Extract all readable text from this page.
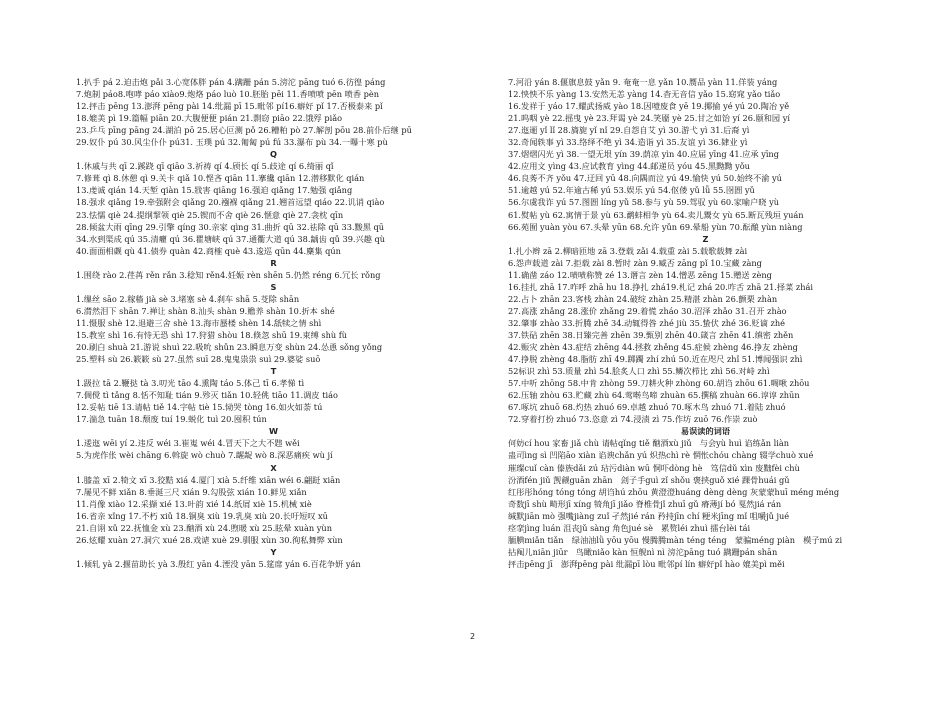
1.扒手 pá 2.迫击炮 pǎi 3.心宽体胖 pán 4.蹒跚 pán 5.滂沱 pāng tuó 6.彷徨 páng
7.炮制 páo8.咆哮 páo xiào9.炮烙 páo luò 10.胚胎 pēi 11.香喷喷 pēn 喷香 pèn
12.抨击 pēng 13.澎湃 pēng pài 14.纰漏 pī 15.毗邻 pí16.癖好 pǐ 17.否极泰来 pǐ
18.媲美 pì 19.篇幅 piān 20.大腹便便 pián 21.剽窃 piāo 22.饿殍 piǎo
23.乒乓 pīng pāng 24.湖泊 pō 25.居心叵测 pǒ 26.糟粕 pò 27.解剖 pōu 28.前仆后继 pū
29.奴仆 pú 30.风尘仆仆 pú31. 玉璞 pú 32.匍匐 pú fú 33.瀑布 pù 34.一曝十寒 pù
Q
1.休戚与共 qī 2.蹊跷 qī qiāo 3.祈祷 qí 4.颀长 qí 5.歧途 qí 6.绮丽 qǐ
7.修葺 qì 8.休憩 qì 9.关卡 qiǎ 10.悭吝 qiān 11.搴纔 qiān 12.潜移默化 qián
13.虔诚 qián 14.天堑 qiàn 15.戕害 qiāng 16.强迫 qiǎng 17.勉强 qiǎng
18.强求 qiǎng 19.牵强附会 qiǎng 20.襁褓 qiǎng 21.翘首远望 qiáo 22.讥诮 qiào
23.怯懦 qiè 24.提纲挈领 qiè 25.锲而不舍 qiè 26.惬意 qiè 27.衾枕 qīn
28.倾盆大雨 qīng 29.引擎 qíng 30.亲家 qìng 31.曲折 qū 32.祛除 qū 33.黢黑 qū
34.水到渠成 qú 35.清癯 qú 36.瞿塘峡 qú 37.通衢大道 qú 38.龋齿 qǔ 39.兴趣 qù
40.面面相觑 qù 41.债券 quàn 42.商榷 què 43.逡巡 qūn 44.麇集 qún
R
1.围绕 rào 2.荏苒 rěn rǎn 3.稔知 rěn4.妊娠 rèn shēn 5.仍然 réng 6.冗长 rǒng
S
1.缫丝 sāo 2.稼穑 jià sè 3.堵塞 sè 4.刹车 shā 5.芟除 shān
6.潸然泪下 shān 7.禅让 shàn 8.汕头 shàn 9.赡养 shàn 10.折本 shé
11.慑服 shè 12.退避三舍 shè 13.海市蜃楼 shèn 14.舐犊之情 shì
15.教室 shì 16.有恃无恐 shì 17.狩猎 shòu 18.倏忽 shū 19.束缚 shù fù
20.刷白 shuà 21.游说 shuì 22.吸吮 shǔn 23.瞬息万变 shùn 24.怂恿 sǒng yǒng
25.塑料 sù 26.簌簌 sù 27.虽然 suī 28.鬼鬼祟祟 suì 29.婆娑 suō
T
1.趿拉 tā 2.鞭挞 tà 3.叨光 tāo 4.熏陶 táo 5.体己 tī 6.孝悌 tì
7.倜傥 tì tǎng 8.恬不知耻 tián 9.殄灭 tiǎn 10.轻佻 tiāo 11.调皮 tiáo
12.妥帖 tiē 13.请帖 tiě 14.字帖 tiè 15.恸哭 tòng 16.如火如荼 tú
17.湍急 tuān 18.颓废 tuí 19.蜕化 tuì 20.囤积 tún
W
1.逶迤 wēi yí 2.违反 wéi 3.崔嵬 wéi 4.冒天下之大不韪 wěi
5.为虎作伥 wèi chāng 6.斡旋 wò chuò 7.龌龊 wò 8.深恶痛疾 wù jí
X
1.膝盖 xī 2.犄文 xī 3.狡黠 xiá 4.厦门 xià 5.纤维 xiān wéi 6.翩跹 xiān
7.屡见不鲜 xiǎn 8.垂涎三尺 xián 9.勾股弦 xián 10.鲜见 xiǎn
11.肖像 xiào 12.采撷 xié 13.叶韵 xié 14.纸屑 xiè 15.机械 xiè
16.省亲 xǐng 17.不朽 xiǔ 18.铜臭 xiù 19.乳臭 xiù 20.长吁短叹 xū
21.自诩 xǔ 22.抚恤金 xù 23.酗酒 xù 24.煦暖 xù 25.眩晕 xuàn yùn
26.炫耀 xuàn 27.洞穴 xué 28.戏谑 xuè 29.驯服 xùn 30.徇私舞弊 xùn
Y
1.倾轧 yà 2.揠苗助长 yà 3.殷红 yān 4.湮没 yān 5.筵席 yán 6.百花争妍 yán
7.河沿 yán 8.偃旗息鼓 yǎn 9. 奄奄一息 yǎn 10.赝品 yàn 11.佯装 yáng
12.怏怏不乐 yàng 13.安然无恙 yàng 14.杳无音信 yǎo 15.窈窕 yǎo tiǎo
16.发祥于 yáo 17.耀武扬威 yào 18.因噎废食 yē 19.揶揄 yé yú 20.陶冶 yě
21.呜咽 yè 22.摇曳 yè 23.拜谒 yè 24.笑靥 yè 25.甘之如饴 yí 26.颐和园 yí
27.迤逦 yǐ lǐ 28.旖旎 yǐ nǐ 29.自怨自艾 yì 30.游弋 yì 31.后裔 yì
32.奇闻轶事 yì 33.络绎不绝 yì 34.造诣 yì 35.友谊 yì 36.肄业 yì
37.熠熠闪光 yì 38.一望无垠 yín 39.荫凉 yìn 40.应届 yīng 41.应承 yīng
42.应用文 yìng 43.应试教育 yìng 44.邮递员 yóu 45.黑黝黝 yǒu
46.良莠不齐 yǒu 47.迂回 yū 48.向隅而泣 yú 49.愉快 yú 50.始终不渝 yú
51.逾越 yú 52.年逾古稀 yú 53.娱乐 yú 54.伛偻 yǔ lǚ 55.囹圄 yǔ
56.尔虞我诈 yú 57.图圄 líng yǔ 58.参与 yù 59.驾驭 yù 60.家喻户晓 yù
61.熨帖 yù 62.寓情于景 yù 63.鹬蚌相争 yù 64.卖儿鬻女 yù 65.断瓦残垣 yuán
66.苑囿 yuàn yòu 67.头晕 yūn 68.允许 yǔn 69.晕船 yùn 70.酝酿 yùn niàng
Z
1.扎小辫 zā 2.柳暗匝地 zā 3.登载 zǎi 4.载重 zài 5.载歌载舞 zài
6.怨声载道 zài 7.拒载 zài 8.暂时 zàn 9.臧否 zāng pǐ 10.宝藏 zàng
11.确凿 záo 12.啧啧称赞 zé 13.谮言 zèn 14.憎恶 zēng 15.赠送 zèng
16.挂扎 zhā 17.咋呼 zhā hu 18.挣扎 zhá19.札记 zhá 20.咋舌 zhā 21.择菜 zhái
22.占卜 zhān 23.客栈 zhàn 24.破绽 zhàn 25.精湛 zhàn 26.颤栗 zhàn
27.高涨 zhǎng 28.涨价 zhǎng 29.着慌 zháo 30.沼泽 zhǎo 31.召开 zhào
32.肇事 zhào 33.折腾 zhē 34.动辄得咎 zhé jiù 35.蛰伏 zhé 36.贬谪 zhé
37.铁砧 zhēn 38.日臻完善 zhēn 39.甄别 zhēn 40.箴言 zhēn 41.缜密 zhěn
42.赈灾 zhèn 43.症结 zhēng 44.拯救 zhěng 45.症候 zhèng 46.挣友 zhèng
47.挣脱 zhèng 48.脂肪 zhī 49.踯躅 zhí zhú 50.近在咫尺 zhǐ 51.博闻强识 zhì
52标识 zhì 53.质量 zhì 54.脍炙人口 zhì 55.鳞次栉比 zhì 56.对峙 zhì
57.中听 zhōng 58.中肯 zhòng 59.刀耕火种 zhòng 60.胡诌 zhōu 61.啁啾 zhōu
62.压轴 zhòu 63.贮藏 zhù 64.莺啭鸟啼 zhuàn 65.撰稿 zhuàn 66.谆谆 zhūn
67.啄坑 zhuō 68.灼热 zhuó 69.卓越 zhuó 70.啄木鸟 zhuó 71.着陆 zhuó
72.穿着打扮 zhuó 73.恣意 zì 74.浸渍 zì 75.作坊 zuō 76.作崇 zuò
易误读的词语
何妨cí hou 家畜 jiǎ chù 请帖qǐng tiě 酗酒xù jiǔ　与会yù huì 谄练ǎn liàn
蛊司ìng sì 凹陷āo xiàn 谄谀chǎn yú 炽热chì rè 惘怅chóu chàng 辍学chuò xué
璀璨cuǐ càn 傣族dǎi zú 玷污diàn wū 恫吓dòng hè　笃信dǔ xìn 废黜fèi chù
汾酒fén jiǔ 觊觎guān zhān　刽子手guì zǐ shǒu 褒挟guǒ xié 踝骨huái gǔ
红彤彤hóng tóng tóng 胡诌hú zhōu 黄澄澄huáng dèng dèng 灰蒙蒙huī méng méng
奇数jī shù 畸形jī xíng 犄角jī jiǎo 脊椎骨jǐ zhuī gǔ 瘠薄jí bó 戛然jiá rán
缄默jiān mò 强嘴jiàng zuǐ 孑然jié rán 矜持jīn chí 粳米jīng mǐ 咀嚼jǔ jué
痉挛jìng luán 沮丧jǔ sàng 角色jué sè　累赘léi zhuì 擂台lèi tái
腼腆miǎn tiǎn　绿油油lǜ yōu yōu 慢腾腾màn téng téng　蒙骗méng piàn　模子mú zi
拈阄儿niān jiūr　鸟瞰niǎo kàn 恒舰nì nì 滂沱pāng tuó 蹒跚pán shān
抨击pēng jī　澎湃pēng pài 纰漏pī lòu 毗邻pí lín 癖好pǐ hào 媲美pì měi
2
